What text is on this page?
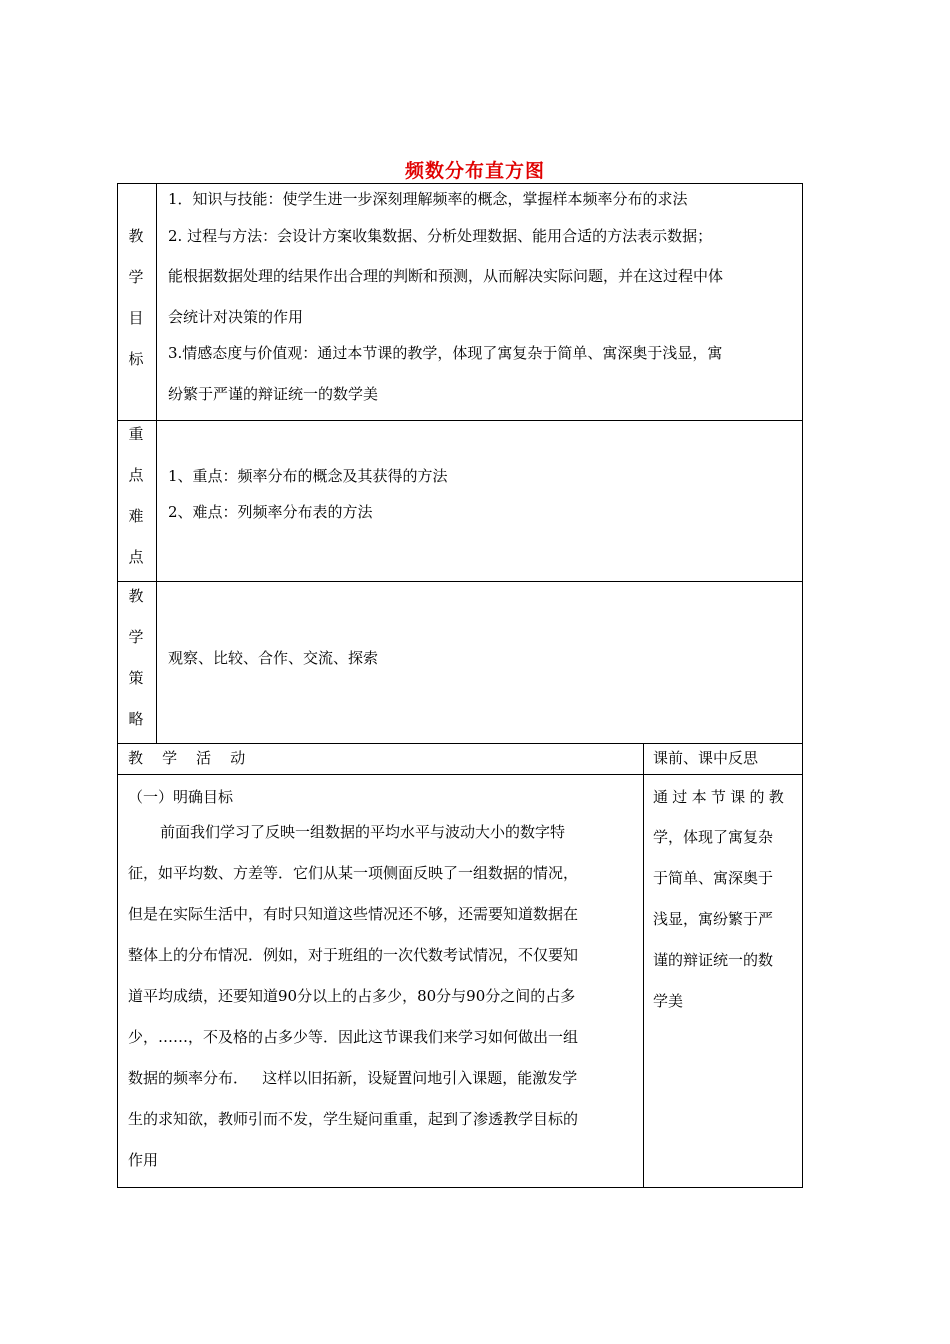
频数分布直方图
教
学
目
标
1．知识与技能：使学生进一步深刻理解频率的概念，掌握样本频率分布的求法
2. 过程与方法：会设计方案收集数据、分析处理数据、能用合适的方法表示数据；
能根据数据处理的结果作出合理的判断和预测，从而解决实际问题，并在这过程中体
会统计对决策的作用
3.情感态度与价值观：通过本节课的教学，体现了寓复杂于简单、寓深奥于浅显，寓
纷繁于严谨的辩证统一的数学美
重
点
难
点
1、重点：频率分布的概念及其获得的方法
2、难点：列频率分布表的方法
教
学
策
略
观察、比较、合作、交流、探索
教    学    活    动	课前、课中反思
（一）明确目标
前面我们学习了反映一组数据的平均水平与波动大小的数字特
征，如平均数、方差等．它们从某一项侧面反映了一组数据的情况，
但是在实际生活中，有时只知道这些情况还不够，还需要知道数据在
整体上的分布情况．例如，对于班组的一次代数考试情况，不仅要知
道平均成绩，还要知道90分以上的占多少，80分与90分之间的占多
少，……，不及格的占多少等．因此这节课我们来学习如何做出一组
数据的频率分布．   这样以旧拓新，设疑置问地引入课题，能激发学
生的求知欲，教师引而不发，学生疑问重重，起到了渗透教学目标的
作用
通过本节课的教
学，体现了寓复杂
于简单、寓深奥于
浅显，寓纷繁于严
谨的辩证统一的数
学美
